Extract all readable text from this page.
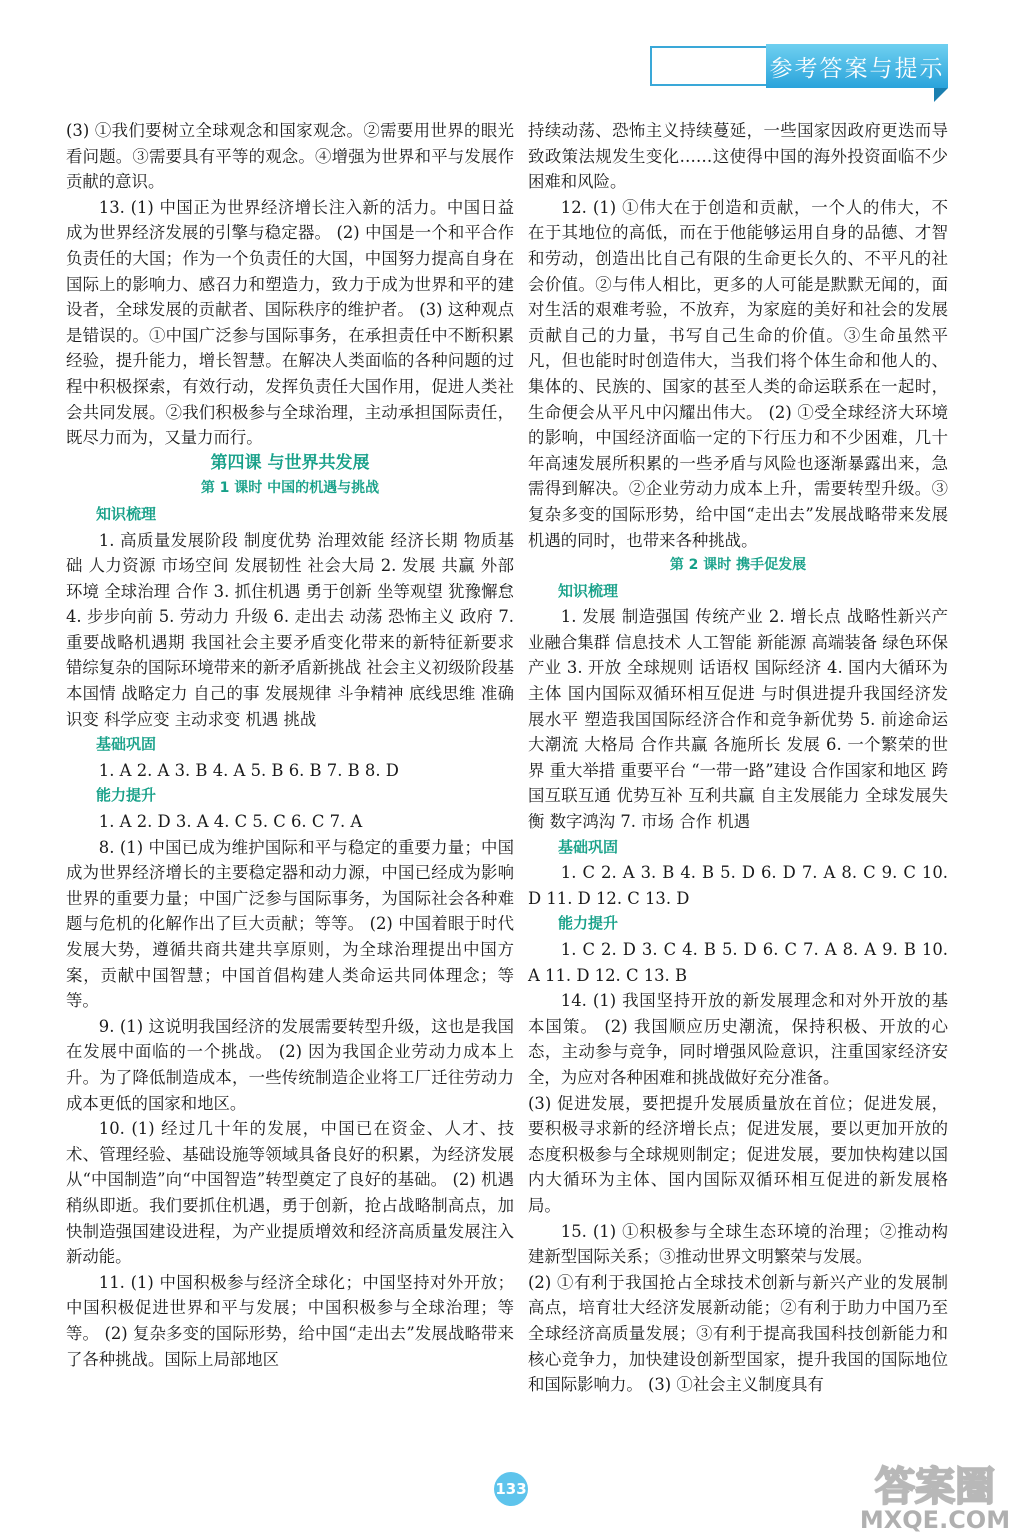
参考答案与提示

(3) ①我们要树立全球观念和国家观念。②需要用世界的眼光看问题。③需要具有平等的观念。④增强为世界和平与发展作贡献的意识。

13. (1) 中国正为世界经济增长注入新的活力。中国日益成为世界经济发展的引擎与稳定器。 (2) 中国是一个和平合作负责任的大国；作为一个负责任的大国，中国努力提高自身在国际上的影响力、感召力和塑造力，致力于成为世界和平的建设者，全球发展的贡献者、国际秩序的维护者。 (3) 这种观点是错误的。①中国广泛参与国际事务，在承担责任中不断积累经验，提升能力，增长智慧。在解决人类面临的各种问题的过程中积极探索，有效行动，发挥负责任大国作用，促进人类社会共同发展。②我们积极参与全球治理，主动承担国际责任，既尽力而为，又量力而行。

第四课 与世界共发展

第 1 课时 中国的机遇与挑战

知识梳理

1. 高质量发展阶段 制度优势 治理效能 经济长期 物质基础 人力资源 市场空间 发展韧性 社会大局 2. 发展 共赢 外部环境 全球治理 合作 3. 抓住机遇 勇于创新 坐等观望 犹豫懈怠 4. 步步向前 5. 劳动力 升级 6. 走出去 动荡 恐怖主义 政府 7. 重要战略机遇期 我国社会主要矛盾变化带来的新特征新要求 错综复杂的国际环境带来的新矛盾新挑战 社会主义初级阶段基本国情 战略定力 自己的事 发展规律 斗争精神 底线思维 准确识变 科学应变 主动求变 机遇 挑战

基础巩固

1. A 2. A 3. B 4. A 5. B 6. B 7. B 8. D

能力提升

1. A 2. D 3. A 4. C 5. C 6. C 7. A

8. (1) 中国已成为维护国际和平与稳定的重要力量；中国成为世界经济增长的主要稳定器和动力源，中国已经成为影响世界的重要力量；中国广泛参与国际事务，为国际社会各种难题与危机的化解作出了巨大贡献；等等。 (2) 中国着眼于时代发展大势，遵循共商共建共享原则，为全球治理提出中国方案，贡献中国智慧；中国首倡构建人类命运共同体理念；等等。

9. (1) 这说明我国经济的发展需要转型升级，这也是我国在发展中面临的一个挑战。 (2) 因为我国企业劳动力成本上升。为了降低制造成本，一些传统制造企业将工厂迁往劳动力成本更低的国家和地区。

10. (1) 经过几十年的发展，中国已在资金、人才、技术、管理经验、基础设施等领域具备良好的积累，为经济发展从“中国制造”向“中国智造”转型奠定了良好的基础。 (2) 机遇稍纵即逝。我们要抓住机遇，勇于创新，抢占战略制高点，加快制造强国建设进程，为产业提质增效和经济高质量发展注入新动能。

11. (1) 中国积极参与经济全球化；中国坚持对外开放；中国积极促进世界和平与发展；中国积极参与全球治理；等等。 (2) 复杂多变的国际形势，给中国“走出去”发展战略带来了各种挑战。国际上局部地区

持续动荡、恐怖主义持续蔓延，一些国家因政府更迭而导致政策法规发生变化……这使得中国的海外投资面临不少困难和风险。

12. (1) ①伟大在于创造和贡献，一个人的伟大，不在于其地位的高低，而在于他能够运用自身的品德、才智和劳动，创造出比自己有限的生命更长久的、不平凡的社会价值。②与伟人相比，更多的人可能是默默无闻的，面对生活的艰难考验，不放弃，为家庭的美好和社会的发展贡献自己的力量，书写自己生命的价值。③生命虽然平凡，但也能时时创造伟大，当我们将个体生命和他人的、集体的、民族的、国家的甚至人类的命运联系在一起时，生命便会从平凡中闪耀出伟大。 (2) ①受全球经济大环境的影响，中国经济面临一定的下行压力和不少困难，几十年高速发展所积累的一些矛盾与风险也逐渐暴露出来，急需得到解决。②企业劳动力成本上升，需要转型升级。③复杂多变的国际形势，给中国“走出去”发展战略带来发展机遇的同时，也带来各种挑战。

第 2 课时 携手促发展

知识梳理

1. 发展 制造强国 传统产业 2. 增长点 战略性新兴产业融合集群 信息技术 人工智能 新能源 高端装备 绿色环保 产业 3. 开放 全球规则 话语权 国际经济 4. 国内大循环为主体 国内国际双循环相互促进 与时俱进提升我国经济发展水平 塑造我国国际经济合作和竞争新优势 5. 前途命运 大潮流 大格局 合作共赢 各施所长 发展 6. 一个繁荣的世界 重大举措 重要平台 “一带一路”建设 合作国家和地区 跨国互联互通 优势互补 互利共赢 自主发展能力 全球发展失衡 数字鸿沟 7. 市场 合作 机遇

基础巩固

1. C 2. A 3. B 4. B 5. D 6. D 7. A 8. C 9. C 10. D 11. D 12. C 13. D

能力提升

1. C 2. D 3. C 4. B 5. D 6. C 7. A 8. A 9. B 10. A 11. D 12. C 13. B

14. (1) 我国坚持开放的新发展理念和对外开放的基本国策。 (2) 我国顺应历史潮流，保持积极、开放的心态，主动参与竞争，同时增强风险意识，注重国家经济安全，为应对各种困难和挑战做好充分准备。

(3) 促进发展，要把提升发展质量放在首位；促进发展，要积极寻求新的经济增长点；促进发展，要以更加开放的态度积极参与全球规则制定；促进发展，要加快构建以国内大循环为主体、国内国际双循环相互促进的新发展格局。

15. (1) ①积极参与全球生态环境的治理；②推动构建新型国际关系；③推动世界文明繁荣与发展。

(2) ①有利于我国抢占全球技术创新与新兴产业的发展制高点，培育壮大经济发展新动能；②有利于助力中国乃至全球经济高质量发展；③有利于提高我国科技创新能力和核心竞争力，加快建设创新型国家，提升我国的国际地位和国际影响力。 (3) ①社会主义制度具有

133	答案圈
MXQE.COM
